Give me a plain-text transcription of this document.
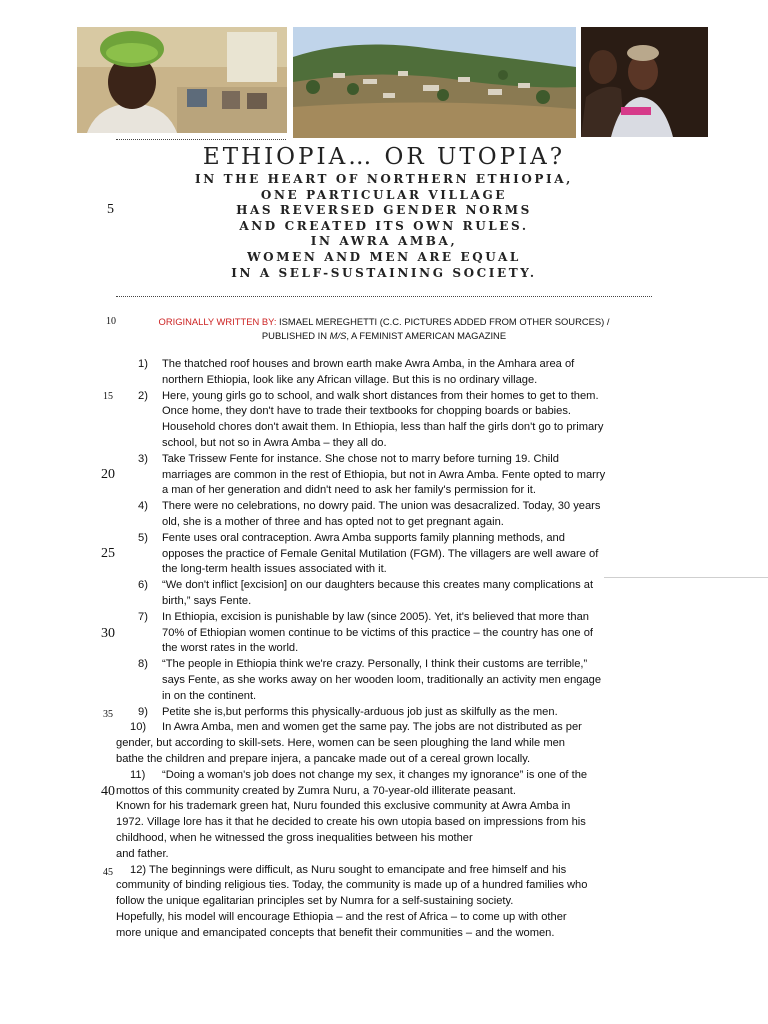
ETHIOPIA… OR UTOPIA?
IN THE HEART OF NORTHERN ETHIOPIA,
ONE PARTICULAR VILLAGE
HAS REVERSED GENDER NORMS
AND CREATED ITS OWN RULES.
IN AWRA AMBA,
WOMEN AND MEN ARE EQUAL
IN A SELF-SUSTAINING SOCIETY.
5
10
15
20
25
30
35
40
45
ORIGINALLY WRITTEN BY: ISMAEL MEREGHETTI (C.C. PICTURES ADDED FROM OTHER SOURCES) /
PUBLISHED IN M/S, A FEMINIST AMERICAN MAGAZINE
1) The thatched roof houses and brown earth make Awra Amba, in the Amhara area of
northern Ethiopia, look like any African village. But this is no ordinary village.
2) Here, young girls go to school, and walk short distances from their homes to get to them.
Once home, they don't have to trade their textbooks for chopping boards or babies.
Household chores don't await them. In Ethiopia, less than half the girls don't go to primary
school, but not so in Awra Amba – they all do.
3) Take Trissew Fente for instance. She chose not to marry before turning 19. Child
marriages are common in the rest of Ethiopia, but not in Awra Amba. Fente opted to marry
a man of her generation and didn't need to ask her family's permission for it.
4) There were no celebrations, no dowry paid. The union was desacralized. Today, 30 years
old, she is a mother of three and has opted not to get pregnant again.
5) Fente uses oral contraception. Awra Amba supports family planning methods, and
opposes the practice of Female Genital Mutilation (FGM). The villagers are well aware of
the long-term health issues associated with it.
6) “We don't inflict [excision] on our daughters because this creates many complications at
birth,” says Fente.
7) In Ethiopia, excision is punishable by law (since 2005). Yet, it's believed that more than
70% of Ethiopian women continue to be victims of this practice – the country has one of
the worst rates in the world.
8) “The people in Ethiopia think we're crazy. Personally, I think their customs are terrible,”
says Fente, as she works away on her wooden loom, traditionally an activity men engage
in on the continent.
9) Petite she is,but performs this physically-arduous job just as skilfully as the men.
10) In Awra Amba, men and women get the same pay. The jobs are not distributed as per
gender, but according to skill-sets. Here, women can be seen ploughing the land while men
bathe the children and prepare injera, a pancake made out of a cereal grown locally.
11) “Doing a woman's job does not change my sex, it changes my ignorance” is one of the
mottos of this community created by Zumra Nuru, a 70-year-old illiterate peasant.
Known for his trademark green hat, Nuru founded this exclusive community at Awra Amba in
1972. Village lore has it that he decided to create his own utopia based on impressions from his
childhood, when he witnessed the gross inequalities between his mother
and father.
12) The beginnings were difficult, as Nuru sought to emancipate and free himself and his
community of binding religious ties. Today, the community is made up of a hundred families who
follow the unique egalitarian principles set by Numra for a self-sustaining society.
Hopefully, his model will encourage Ethiopia – and the rest of Africa – to come up with other
more unique and emancipated concepts that benefit their communities – and the women.
